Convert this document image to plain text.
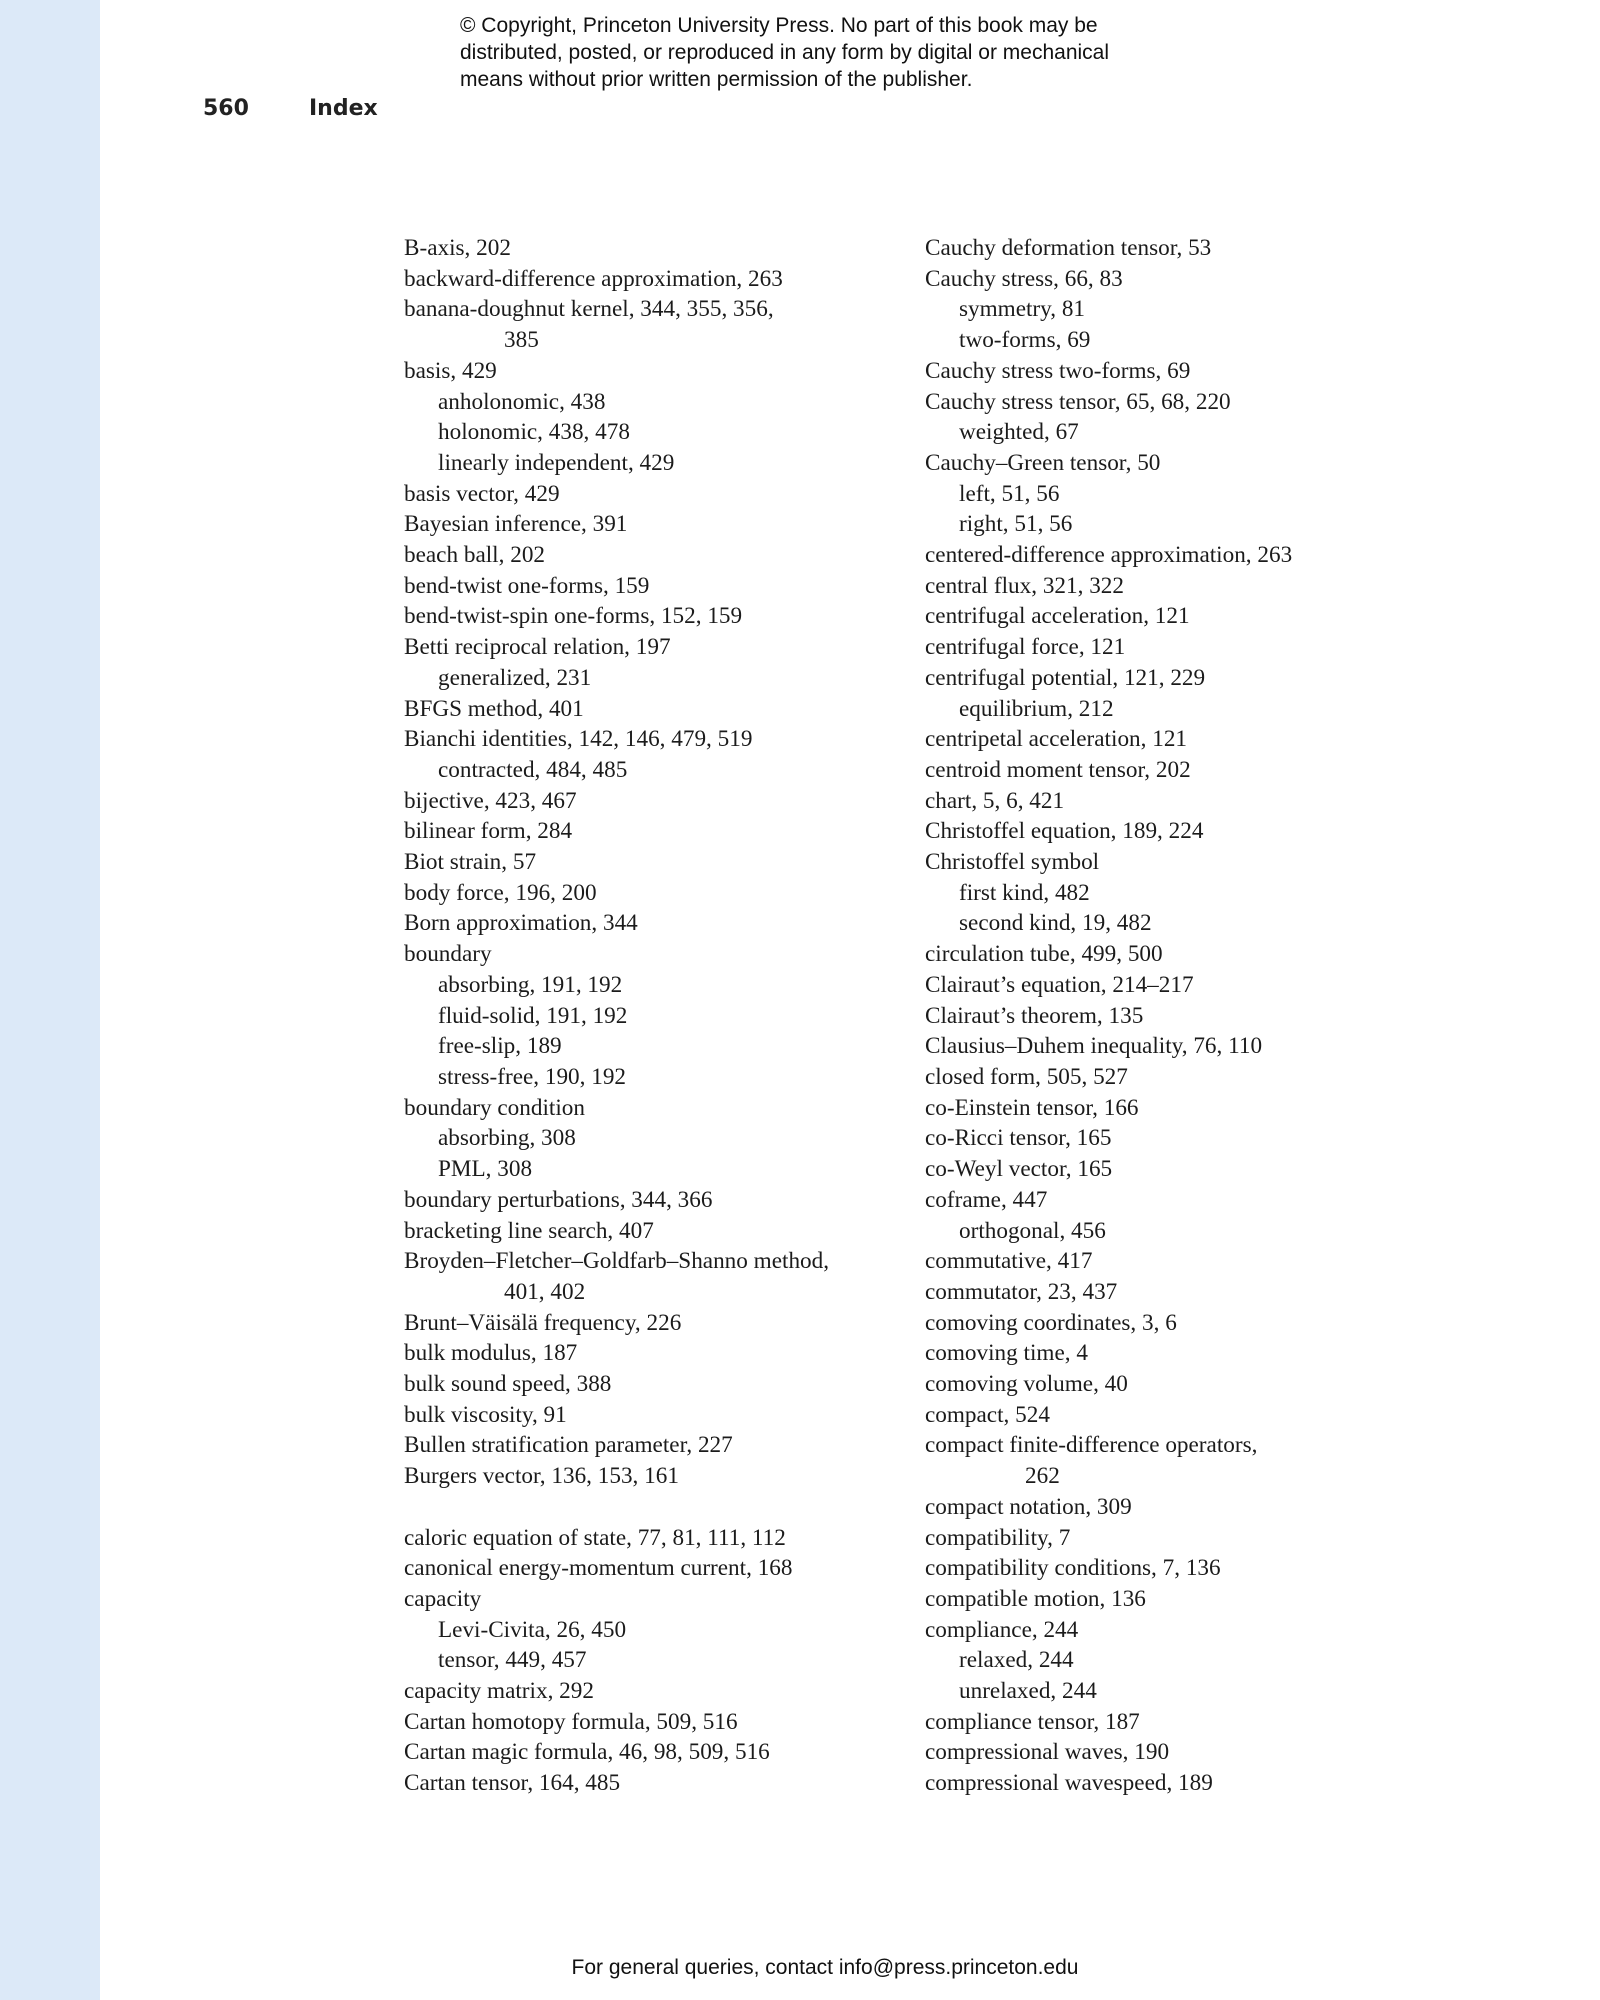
© Copyright, Princeton University Press. No part of this book may be
distributed, posted, or reproduced in any form by digital or mechanical
means without prior written permission of the publisher.
560	Index
B-axis, 202
backward-difference approximation, 263
banana-doughnut kernel, 344, 355, 356,
385
basis, 429
anholonomic, 438
holonomic, 438, 478
linearly independent, 429
basis vector, 429
Bayesian inference, 391
beach ball, 202
bend-twist one-forms, 159
bend-twist-spin one-forms, 152, 159
Betti reciprocal relation, 197
generalized, 231
BFGS method, 401
Bianchi identities, 142, 146, 479, 519
contracted, 484, 485
bijective, 423, 467
bilinear form, 284
Biot strain, 57
body force, 196, 200
Born approximation, 344
boundary
absorbing, 191, 192
fluid-solid, 191, 192
free-slip, 189
stress-free, 190, 192
boundary condition
absorbing, 308
PML, 308
boundary perturbations, 344, 366
bracketing line search, 407
Broyden–Fletcher–Goldfarb–Shanno method,
401, 402
Brunt–Väisälä frequency, 226
bulk modulus, 187
bulk sound speed, 388
bulk viscosity, 91
Bullen stratification parameter, 227
Burgers vector, 136, 153, 161
caloric equation of state, 77, 81, 111, 112
canonical energy-momentum current, 168
capacity
Levi-Civita, 26, 450
tensor, 449, 457
capacity matrix, 292
Cartan homotopy formula, 509, 516
Cartan magic formula, 46, 98, 509, 516
Cartan tensor, 164, 485
Cauchy deformation tensor, 53
Cauchy stress, 66, 83
symmetry, 81
two-forms, 69
Cauchy stress two-forms, 69
Cauchy stress tensor, 65, 68, 220
weighted, 67
Cauchy–Green tensor, 50
left, 51, 56
right, 51, 56
centered-difference approximation, 263
central flux, 321, 322
centrifugal acceleration, 121
centrifugal force, 121
centrifugal potential, 121, 229
equilibrium, 212
centripetal acceleration, 121
centroid moment tensor, 202
chart, 5, 6, 421
Christoffel equation, 189, 224
Christoffel symbol
first kind, 482
second kind, 19, 482
circulation tube, 499, 500
Clairaut’s equation, 214–217
Clairaut’s theorem, 135
Clausius–Duhem inequality, 76, 110
closed form, 505, 527
co-Einstein tensor, 166
co-Ricci tensor, 165
co-Weyl vector, 165
coframe, 447
orthogonal, 456
commutative, 417
commutator, 23, 437
comoving coordinates, 3, 6
comoving time, 4
comoving volume, 40
compact, 524
compact finite-difference operators,
262
compact notation, 309
compatibility, 7
compatibility conditions, 7, 136
compatible motion, 136
compliance, 244
relaxed, 244
unrelaxed, 244
compliance tensor, 187
compressional waves, 190
compressional wavespeed, 189
For general queries, contact info@press.princeton.edu
